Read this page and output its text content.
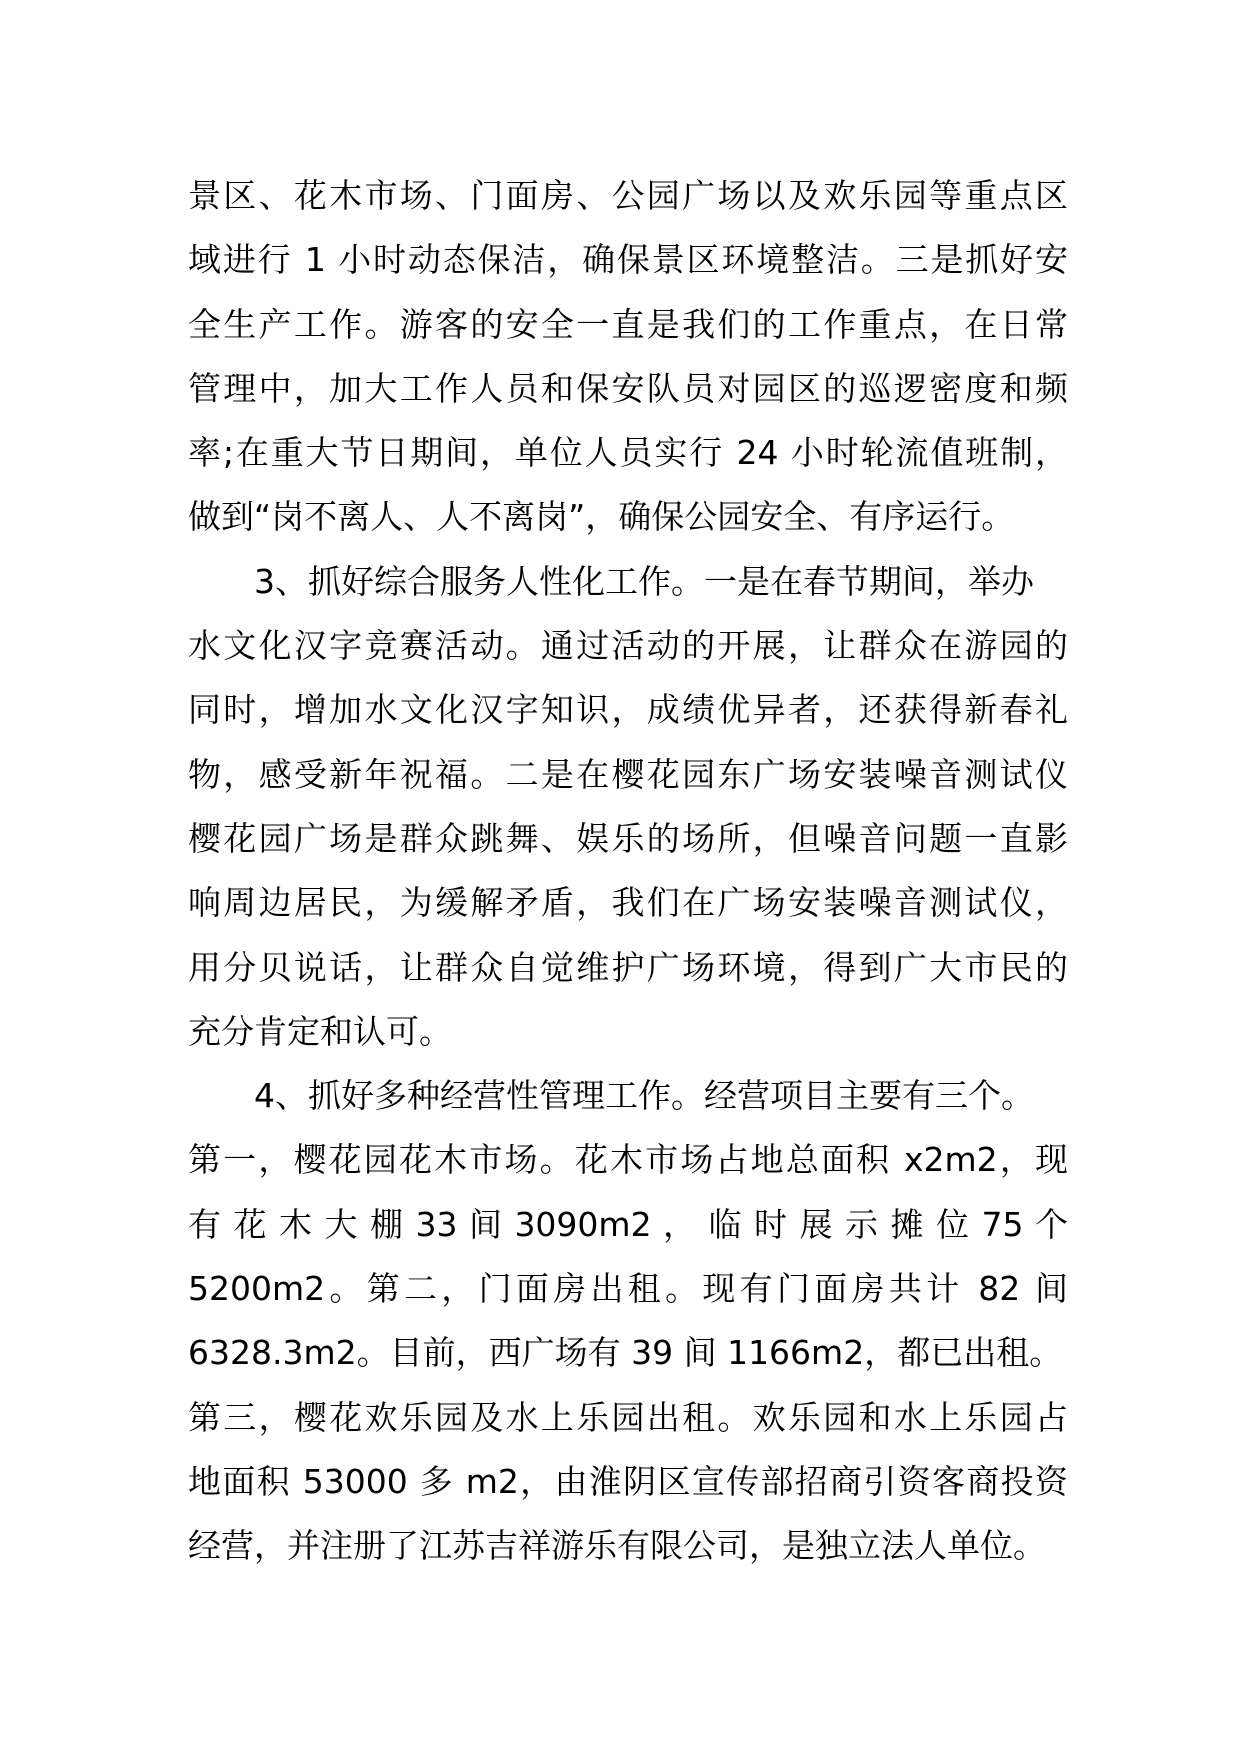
景区、花木市场、门面房、公园广场以及欢乐园等重点区
域进行 1 小时动态保洁，确保景区环境整洁。三是抓好安
全生产工作。游客的安全一直是我们的工作重点，在日常
管理中，加大工作人员和保安队员对园区的巡逻密度和频
率;在重大节日期间，单位人员实行 24 小时轮流值班制，
做到“岗不离人、人不离岗”，确保公园安全、有序运行。
3、抓好综合服务人性化工作。一是在春节期间，举办
水文化汉字竞赛活动。通过活动的开展，让群众在游园的
同时，增加水文化汉字知识，成绩优异者，还获得新春礼
物，感受新年祝福。二是在樱花园东广场安装噪音测试仪
樱花园广场是群众跳舞、娱乐的场所，但噪音问题一直影
响周边居民，为缓解矛盾，我们在广场安装噪音测试仪，
用分贝说话，让群众自觉维护广场环境，得到广大市民的
充分肯定和认可。
4、抓好多种经营性管理工作。经营项目主要有三个。
第一，樱花园花木市场。花木市场占地总面积 x2m2，现
有 花 木 大 棚 33 间 3090m2 ， 临 时 展 示 摊 位 75 个
5200m2。第二，门面房出租。现有门面房共计 82 间
6328.3m2。目前，西广场有 39 间 1166m2，都已出租。
第三，樱花欢乐园及水上乐园出租。欢乐园和水上乐园占
地面积 53000 多 m2，由淮阴区宣传部招商引资客商投资
经营，并注册了江苏吉祥游乐有限公司，是独立法人单位。
